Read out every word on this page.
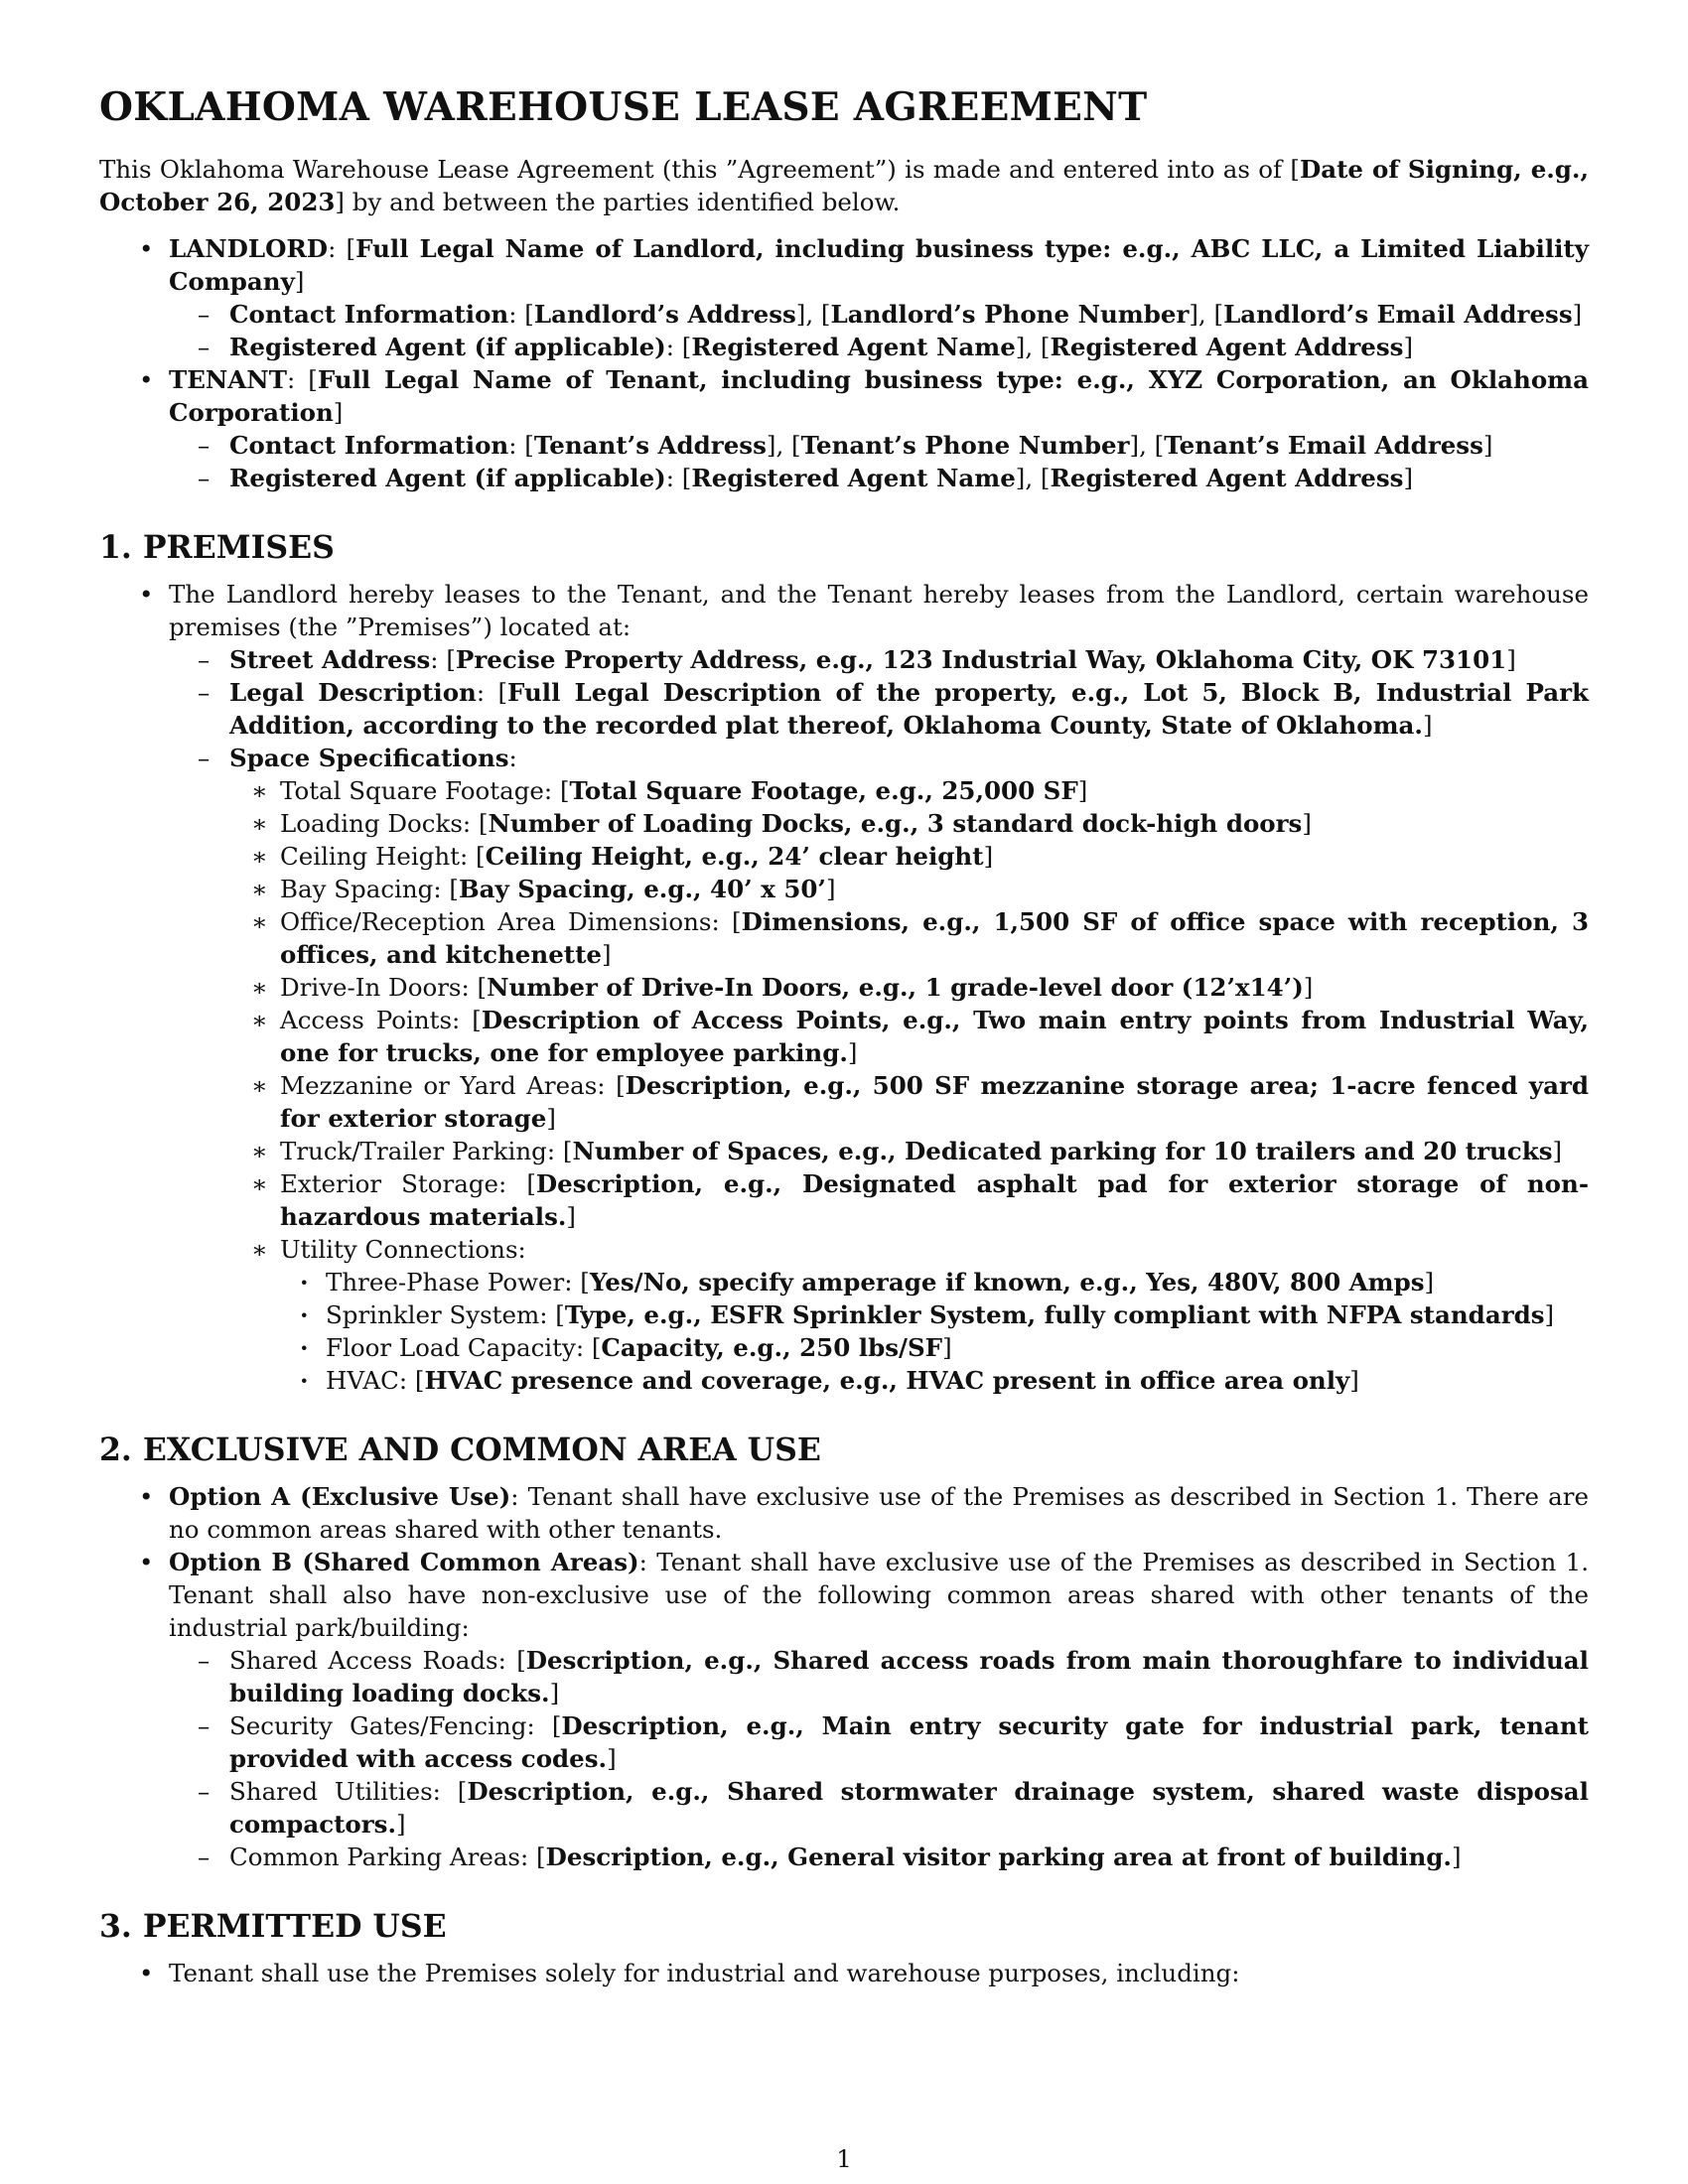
OKLAHOMA WAREHOUSE LEASE AGREEMENT

This Oklahoma Warehouse Lease Agreement (this ”Agreement”) is made and entered into as of [Date of Signing, e.g., October 26, 2023] by and between the parties identified below.

• LANDLORD: [Full Legal Name of Landlord, including business type: e.g., ABC LLC, a Limited Liability Company]
– Contact Information: [Landlord’s Address], [Landlord’s Phone Number], [Landlord’s Email Address]
– Registered Agent (if applicable): [Registered Agent Name], [Registered Agent Address]
• TENANT: [Full Legal Name of Tenant, including business type: e.g., XYZ Corporation, an Oklahoma Corporation]
– Contact Information: [Tenant’s Address], [Tenant’s Phone Number], [Tenant’s Email Address]
– Registered Agent (if applicable): [Registered Agent Name], [Registered Agent Address]
1. PREMISES
• The Landlord hereby leases to the Tenant, and the Tenant hereby leases from the Landlord, certain warehouse premises (the ”Premises”) located at:
– Street Address: [Precise Property Address, e.g., 123 Industrial Way, Oklahoma City, OK 73101]
– Legal Description: [Full Legal Description of the property, e.g., Lot 5, Block B, Industrial Park Addition, according to the recorded plat thereof, Oklahoma County, State of Oklahoma.]
– Space Specifications:
∗ Total Square Footage: [Total Square Footage, e.g., 25,000 SF]
∗ Loading Docks: [Number of Loading Docks, e.g., 3 standard dock-high doors]
∗ Ceiling Height: [Ceiling Height, e.g., 24’ clear height]
∗ Bay Spacing: [Bay Spacing, e.g., 40’ x 50’]
∗ Office/Reception Area Dimensions: [Dimensions, e.g., 1,500 SF of office space with reception, 3 offices, and kitchenette]
∗ Drive-In Doors: [Number of Drive-In Doors, e.g., 1 grade-level door (12’x14’)]
∗ Access Points: [Description of Access Points, e.g., Two main entry points from Industrial Way, one for trucks, one for employee parking.]
∗ Mezzanine or Yard Areas: [Description, e.g., 500 SF mezzanine storage area; 1-acre fenced yard for exterior storage]
∗ Truck/Trailer Parking: [Number of Spaces, e.g., Dedicated parking for 10 trailers and 20 trucks]
∗ Exterior Storage: [Description, e.g., Designated asphalt pad for exterior storage of non-hazardous materials.]
∗ Utility Connections:
· Three-Phase Power: [Yes/No, specify amperage if known, e.g., Yes, 480V, 800 Amps]
· Sprinkler System: [Type, e.g., ESFR Sprinkler System, fully compliant with NFPA standards]
· Floor Load Capacity: [Capacity, e.g., 250 lbs/SF]
· HVAC: [HVAC presence and coverage, e.g., HVAC present in office area only]
2. EXCLUSIVE AND COMMON AREA USE
• Option A (Exclusive Use): Tenant shall have exclusive use of the Premises as described in Section 1. There are no common areas shared with other tenants.
• Option B (Shared Common Areas): Tenant shall have exclusive use of the Premises as described in Section 1. Tenant shall also have non-exclusive use of the following common areas shared with other tenants of the industrial park/building:
– Shared Access Roads: [Description, e.g., Shared access roads from main thoroughfare to individual building loading docks.]
– Security Gates/Fencing: [Description, e.g., Main entry security gate for industrial park, tenant provided with access codes.]
– Shared Utilities: [Description, e.g., Shared stormwater drainage system, shared waste disposal compactors.]
– Common Parking Areas: [Description, e.g., General visitor parking area at front of building.]
3. PERMITTED USE
• Tenant shall use the Premises solely for industrial and warehouse purposes, including:
1
